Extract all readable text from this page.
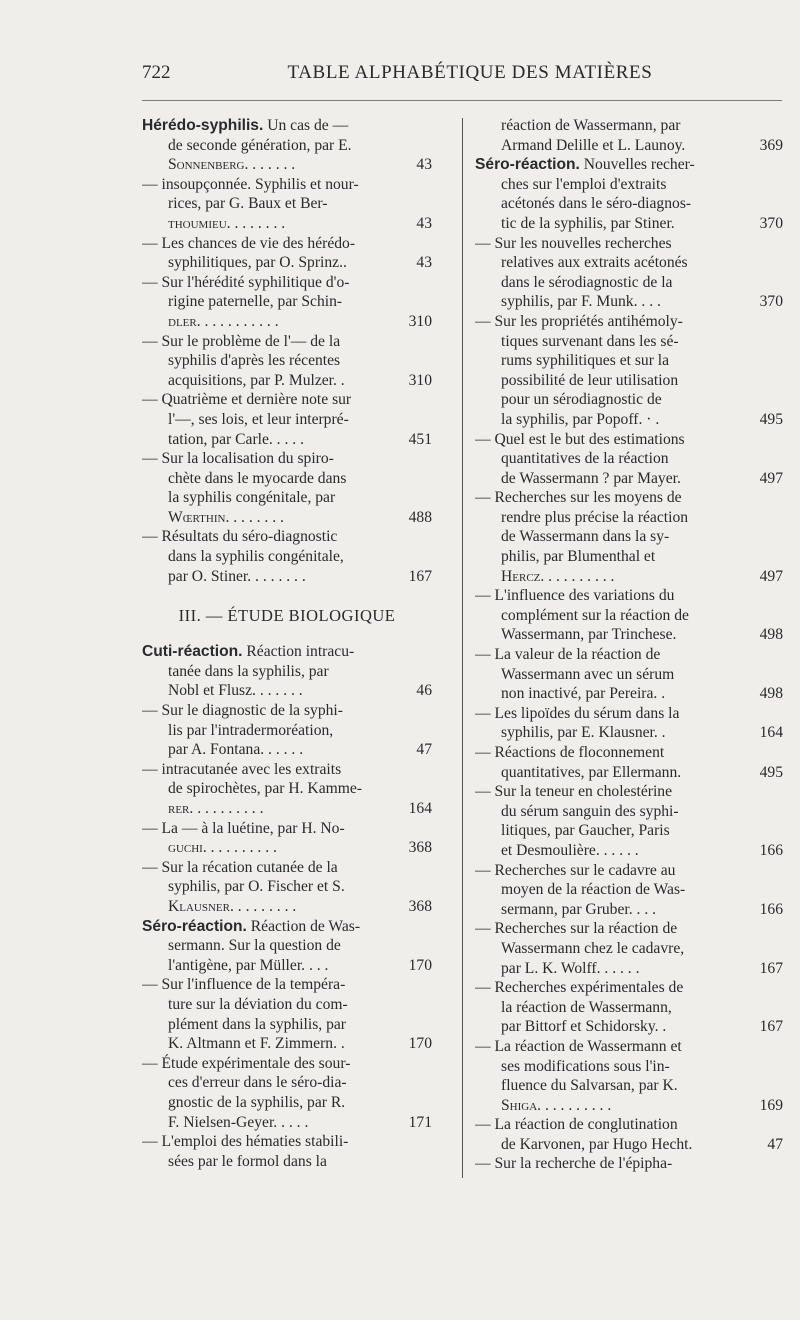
722	TABLE ALPHABÉTIQUE DES MATIÈRES
Hérédo-syphilis. Un cas de —
de seconde génération, par E.
Sonnenberg. . . . . . .	43
— insoupçonnée. Syphilis et nour-
rices, par G. Baux et Ber-
thoumieu. . . . . . . .	43
— Les chances de vie des hérédo-
syphilitiques, par O. Sprinz..	43
— Sur l'hérédité syphilitique d'o-
rigine paternelle, par Schin-
dler. . . . . . . . . . .	310
— Sur le problème de l'— de la
syphilis d'après les récentes
acquisitions, par P. Mulzer. .	310
— Quatrième et dernière note sur
l'—, ses lois, et leur interpré-
tation, par Carle. . . . .	451
— Sur la localisation du spiro-
chète dans le myocarde dans
la syphilis congénitale, par
Wœrthin. . . . . . . .	488
— Résultats du séro-diagnostic
dans la syphilis congénitale,
par O. Stiner. . . . . . . .	167
III. — ÉTUDE BIOLOGIQUE
Cuti-réaction. Réaction intracu-
tanée dans la syphilis, par
Nobl et Flusz. . . . . . .	46
— Sur le diagnostic de la syphi-
lis par l'intradermoréation,
par A. Fontana. . . . . .	47
— intracutanée avec les extraits
de spirochètes, par H. Kamme-
rer. . . . . . . . . .	164
— La — à la luétine, par H. No-
guchi. . . . . . . . . .	368
— Sur la récation cutanée de la
syphilis, par O. Fischer et S.
Klausner. . . . . . . . .	368
Séro-réaction. Réaction de Was-
sermann. Sur la question de
l'antigène, par Müller. . . .	170
— Sur l'influence de la tempéra-
ture sur la déviation du com-
plément dans la syphilis, par
K. Altmann et F. Zimmern. .	170
— Étude expérimentale des sour-
ces d'erreur dans le séro-dia-
gnostic de la syphilis, par R.
F. Nielsen-Geyer. . . . .	171
— L'emploi des hématies stabili-
sées par le formol dans la
réaction de Wassermann, par
Armand Delille et L. Launoy.	369
Séro-réaction. Nouvelles recher-
ches sur l'emploi d'extraits
acétonés dans le séro-diagnos-
tic de la syphilis, par Stiner.	370
— Sur les nouvelles recherches
relatives aux extraits acétonés
dans le sérodiagnostic de la
syphilis, par F. Munk. . . .	370
— Sur les propriétés antihémoly-
tiques survenant dans les sé-
rums syphilitiques et sur la
possibilité de leur utilisation
pour un sérodiagnostic de
la syphilis, par Popoff. · .	495
— Quel est le but des estimations
quantitatives de la réaction
de Wassermann ? par Mayer.	497
— Recherches sur les moyens de
rendre plus précise la réaction
de Wassermann dans la sy-
philis, par Blumenthal et
Hercz. . . . . . . . . .	497
— L'influence des variations du
complément sur la réaction de
Wassermann, par Trinchese.	498
— La valeur de la réaction de
Wassermann avec un sérum
non inactivé, par Pereira. .	498
— Les lipoïdes du sérum dans la
syphilis, par E. Klausner. .	164
— Réactions de floconnement
quantitatives, par Ellermann.	495
— Sur la teneur en cholestérine
du sérum sanguin des syphi-
litiques, par Gaucher, Paris
et Desmoulière. . . . . .	166
— Recherches sur le cadavre au
moyen de la réaction de Was-
sermann, par Gruber. . . .	166
— Recherches sur la réaction de
Wassermann chez le cadavre,
par L. K. Wolff. . . . . .	167
— Recherches expérimentales de
la réaction de Wassermann,
par Bittorf et Schidorsky. .	167
— La réaction de Wassermann et
ses modifications sous l'in-
fluence du Salvarsan, par K.
Shiga. . . . . . . . . .	169
— La réaction de conglutination
de Karvonen, par Hugo Hecht.	47
— Sur la recherche de l'épipha-
